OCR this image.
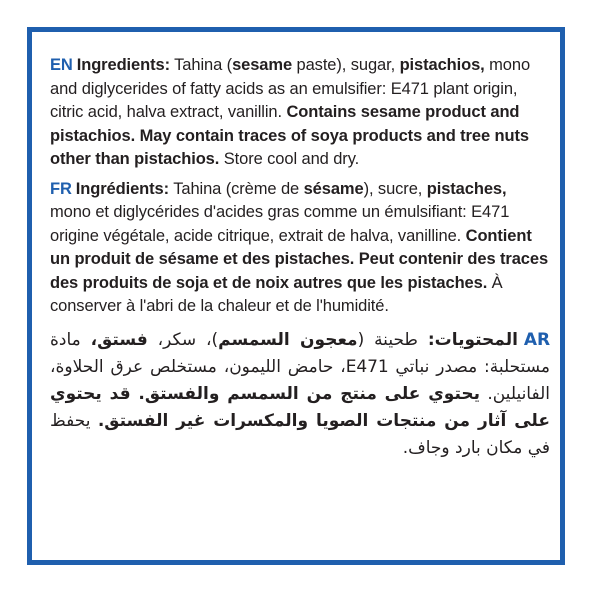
EN Ingredients: Tahina (sesame paste), sugar, pistachios, mono and diglycerides of fatty acids as an emulsifier: E471 plant origin, citric acid, halva extract, vanillin. Contains sesame product and pistachios. May contain traces of soya products and tree nuts other than pistachios. Store cool and dry.

FR Ingrédients: Tahina (crème de sésame), sucre, pistaches, mono et diglycérides d'acides gras comme un émulsifiant: E471 origine végétale, acide citrique, extrait de halva, vanilline. Contient un produit de sésame et des pistaches. Peut contenir des traces des produits de soja et de noix autres que les pistaches. À conserver à l'abri de la chaleur et de l'humidité.

ARالمحتويات: طحينة (معجون السمسم)، سكر، فستق، مادة مستحلبة: مصدر نباتي E471، حامض الليمون، مستخلص عرق الحلاوة، الفانيلين. يحتوي على منتج من السمسم والفستق. قد يحتوي على آثار من منتجات الصويا والمكسرات غير الفستق. يحفظ في مكان بارد وجاف.
